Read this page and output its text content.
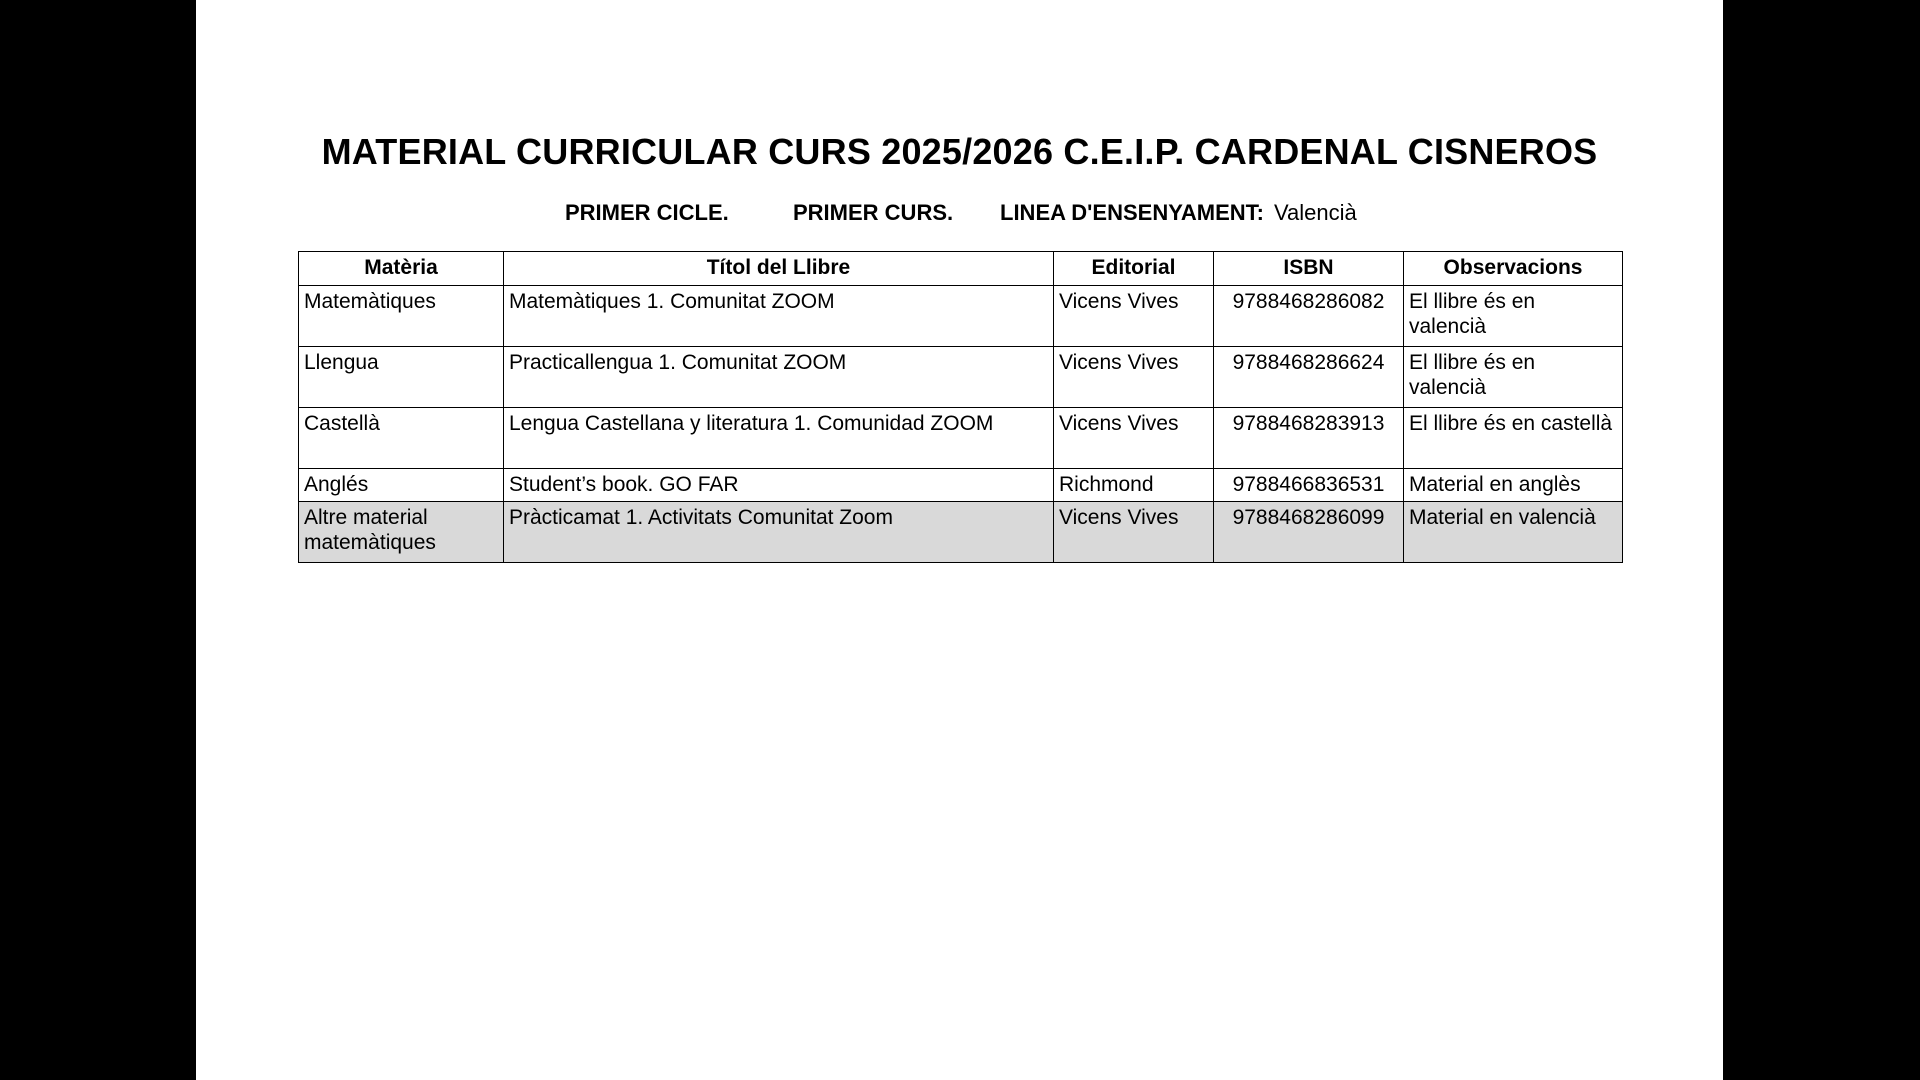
MATERIAL CURRICULAR CURS 2025/2026 C.E.I.P. CARDENAL CISNEROS
PRIMER CICLE.	PRIMER CURS. LINEA D'ENSENYAMENT: Valencià
Matèria	Títol del Llibre	Editorial	ISBN	Observacions
Matemàtiques	Matemàtiques 1. Comunitat ZOOM	Vicens Vives	9788468286082	El llibre és en valencià
Llengua	Practicallengua 1. Comunitat ZOOM	Vicens Vives	9788468286624	El llibre és en valencià
Castellà	Lengua Castellana y literatura 1. Comunidad ZOOM	Vicens Vives	9788468283913	El llibre és en castellà
Anglés	Student’s book. GO FAR	Richmond	9788466836531	Material en anglès
Altre material matemàtiques	Pràcticamat 1. Activitats Comunitat Zoom	Vicens Vives	9788468286099	Material en valencià
